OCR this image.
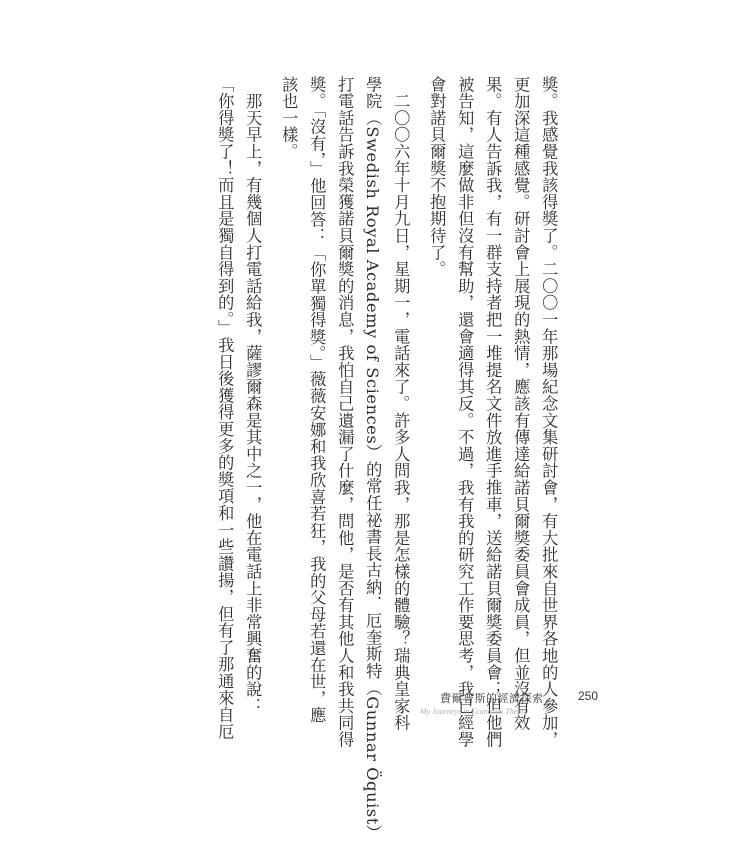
獎。我感覺我該得獎了。二〇〇一年那場紀念文集研討會，有大批來自世界各地的人參加，
更加深這種感覺。研討會上展現的熱情，應該有傳達給諾貝爾獎委員會成員，但並沒有效
果。有人告訴我，有一群支持者把一堆提名文件放進手推車，送給諾貝爾獎委員會；但他們
被告知，這麼做非但沒有幫助，還會適得其反。不過，我有我的研究工作要思考，我已經學
會對諾貝爾獎不抱期待了。
　二〇〇六年十月九日，星期一，電話來了。許多人問我，那是怎樣的體驗？瑞典皇家科
學院（Swedish Royal Academy of Sciences）的常任祕書長古納．厄奎斯特（Gunnar Öquist）
打電話告訴我榮獲諾貝爾獎的消息，我怕自己遺漏了什麼，問他，是否有其他人和我共同得
獎。「沒有，」他回答：「你單獨得獎。」薇薇安娜和我欣喜若狂，我的父母若還在世，應
該也一樣。
　那天早上，有幾個人打電話給我，薩謬爾森是其中之一，他在電話上非常興奮的說：
「你得獎了！而且是獨自得到的。」我日後獲得更多的獎項和一些讚揚，但有了那通來自厄	費爾普斯的經濟探索
My Journeys in Economic Theory
250
